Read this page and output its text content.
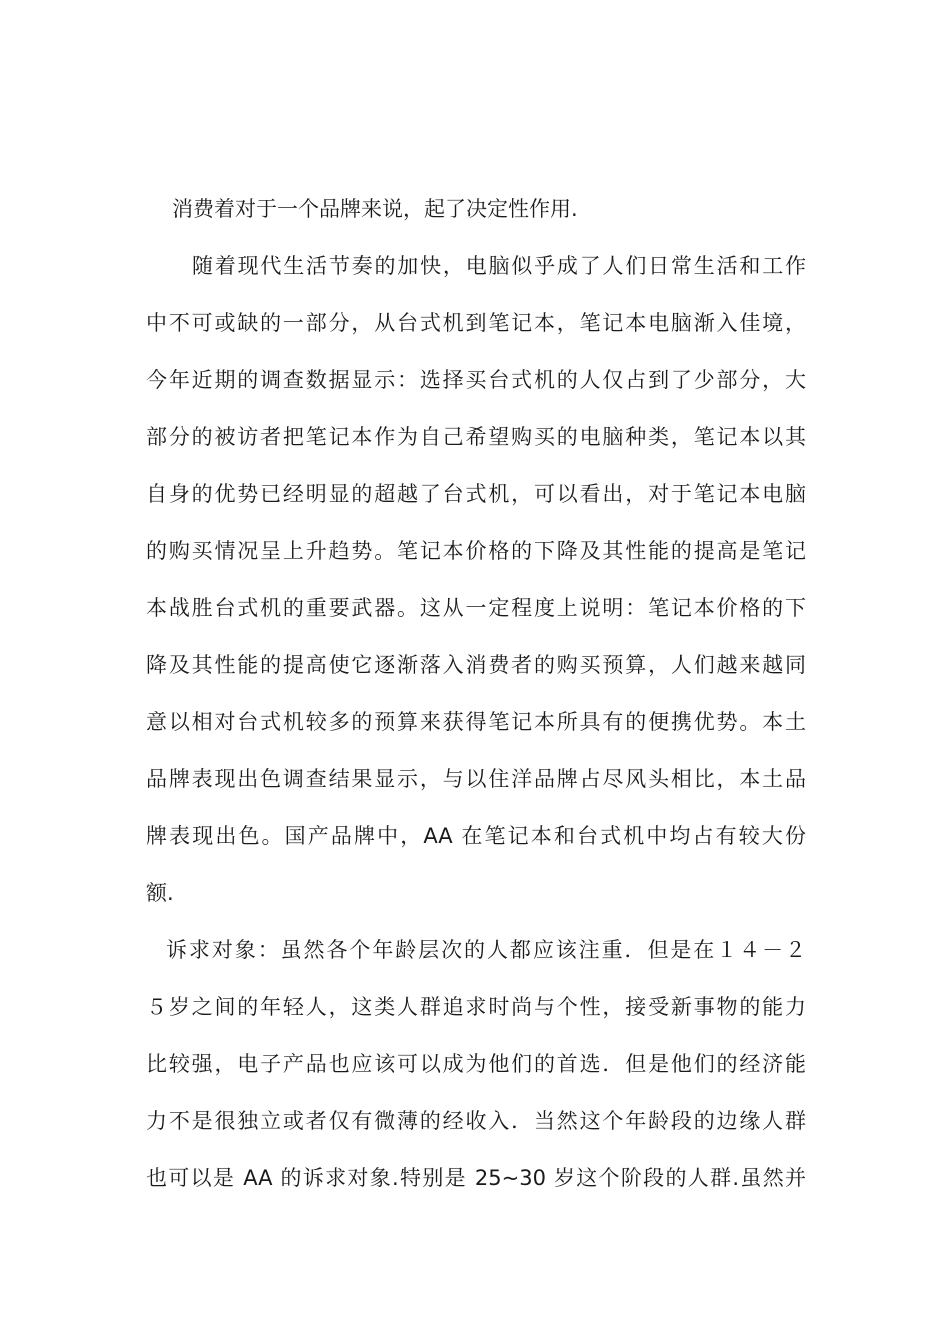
消费着对于一个品牌来说，起了决定性作用.
随着现代生活节奏的加快，电脑似乎成了人们日常生活和工作
中不可或缺的一部分，从台式机到笔记本，笔记本电脑渐入佳境，
今年近期的调查数据显示：选择买台式机的人仅占到了少部分，大
部分的被访者把笔记本作为自己希望购买的电脑种类，笔记本以其
自身的优势已经明显的超越了台式机，可以看出，对于笔记本电脑
的购买情况呈上升趋势。笔记本价格的下降及其性能的提高是笔记
本战胜台式机的重要武器。这从一定程度上说明：笔记本价格的下
降及其性能的提高使它逐渐落入消费者的购买预算，人们越来越同
意以相对台式机较多的预算来获得笔记本所具有的便携优势。本土
品牌表现出色调查结果显示，与以住洋品牌占尽风头相比，本土品
牌表现出色。国产品牌中，AA 在笔记本和台式机中均占有较大份
额.
诉求对象：虽然各个年龄层次的人都应该注重．但是在１４－２
５岁之间的年轻人，这类人群追求时尚与个性，接受新事物的能力
比较强，电子产品也应该可以成为他们的首选．但是他们的经济能
力不是很独立或者仅有微薄的经收入．当然这个年龄段的边缘人群
也可以是 AA 的诉求对象.特别是 25~30 岁这个阶段的人群.虽然并
